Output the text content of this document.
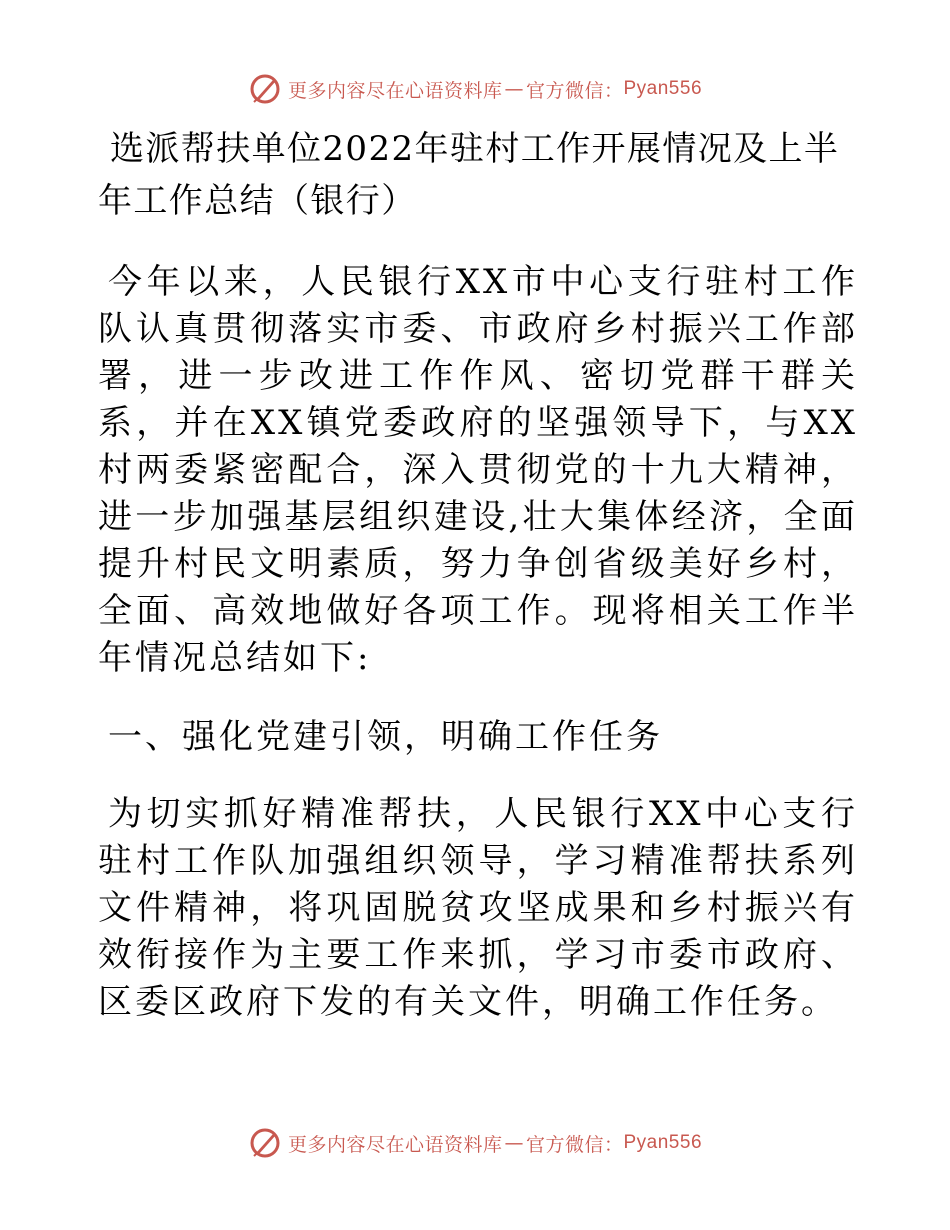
更多内容尽在心语资料库 — 官方微信： Pyan556
选派帮扶单位2022年驻村工作开展情况及上半年工作总结（银行）

今年以来，人民银行XX市中心支行驻村工作队认真贯彻落实市委、市政府乡村振兴工作部署，进一步改进工作作风、密切党群干群关系，并在XX镇党委政府的坚强领导下，与XX村两委紧密配合，深入贯彻党的十九大精神，进一步加强基层组织建设,壮大集体经济，全面提升村民文明素质，努力争创省级美好乡村，全面、高效地做好各项工作。现将相关工作半年情况总结如下:

一、强化党建引领，明确工作任务

为切实抓好精准帮扶，人民银行XX中心支行驻村工作队加强组织领导，学习精准帮扶系列文件精神，将巩固脱贫攻坚成果和乡村振兴有效衔接作为主要工作来抓，学习市委市政府、区委区政府下发的有关文件，明确工作任务。

更多内容尽在心语资料库 — 官方微信： Pyan556
